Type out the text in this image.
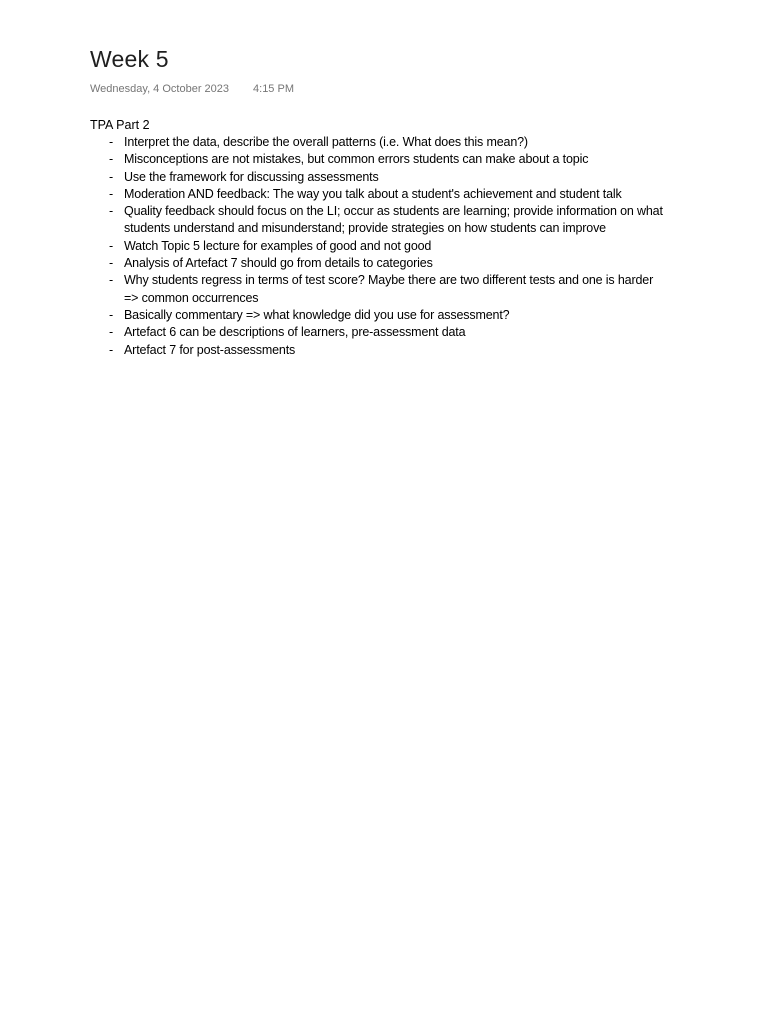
Week 5
Wednesday, 4 October 2023 4:15 PM
TPA Part 2
- Interpret the data, describe the overall patterns (i.e. What does this mean?)
- Misconceptions are not mistakes, but common errors students can make about a topic
- Use the framework for discussing assessments
- Moderation AND feedback: The way you talk about a student's achievement and student talk
- Quality feedback should focus on the LI; occur as students are learning; provide information on what students understand and misunderstand; provide strategies on how students can improve
- Watch Topic 5 lecture for examples of good and not good
- Analysis of Artefact 7 should go from details to categories
- Why students regress in terms of test score? Maybe there are two different tests and one is harder => common occurrences
- Basically commentary => what knowledge did you use for assessment?
- Artefact 6 can be descriptions of learners, pre-assessment data
- Artefact 7 for post-assessments
